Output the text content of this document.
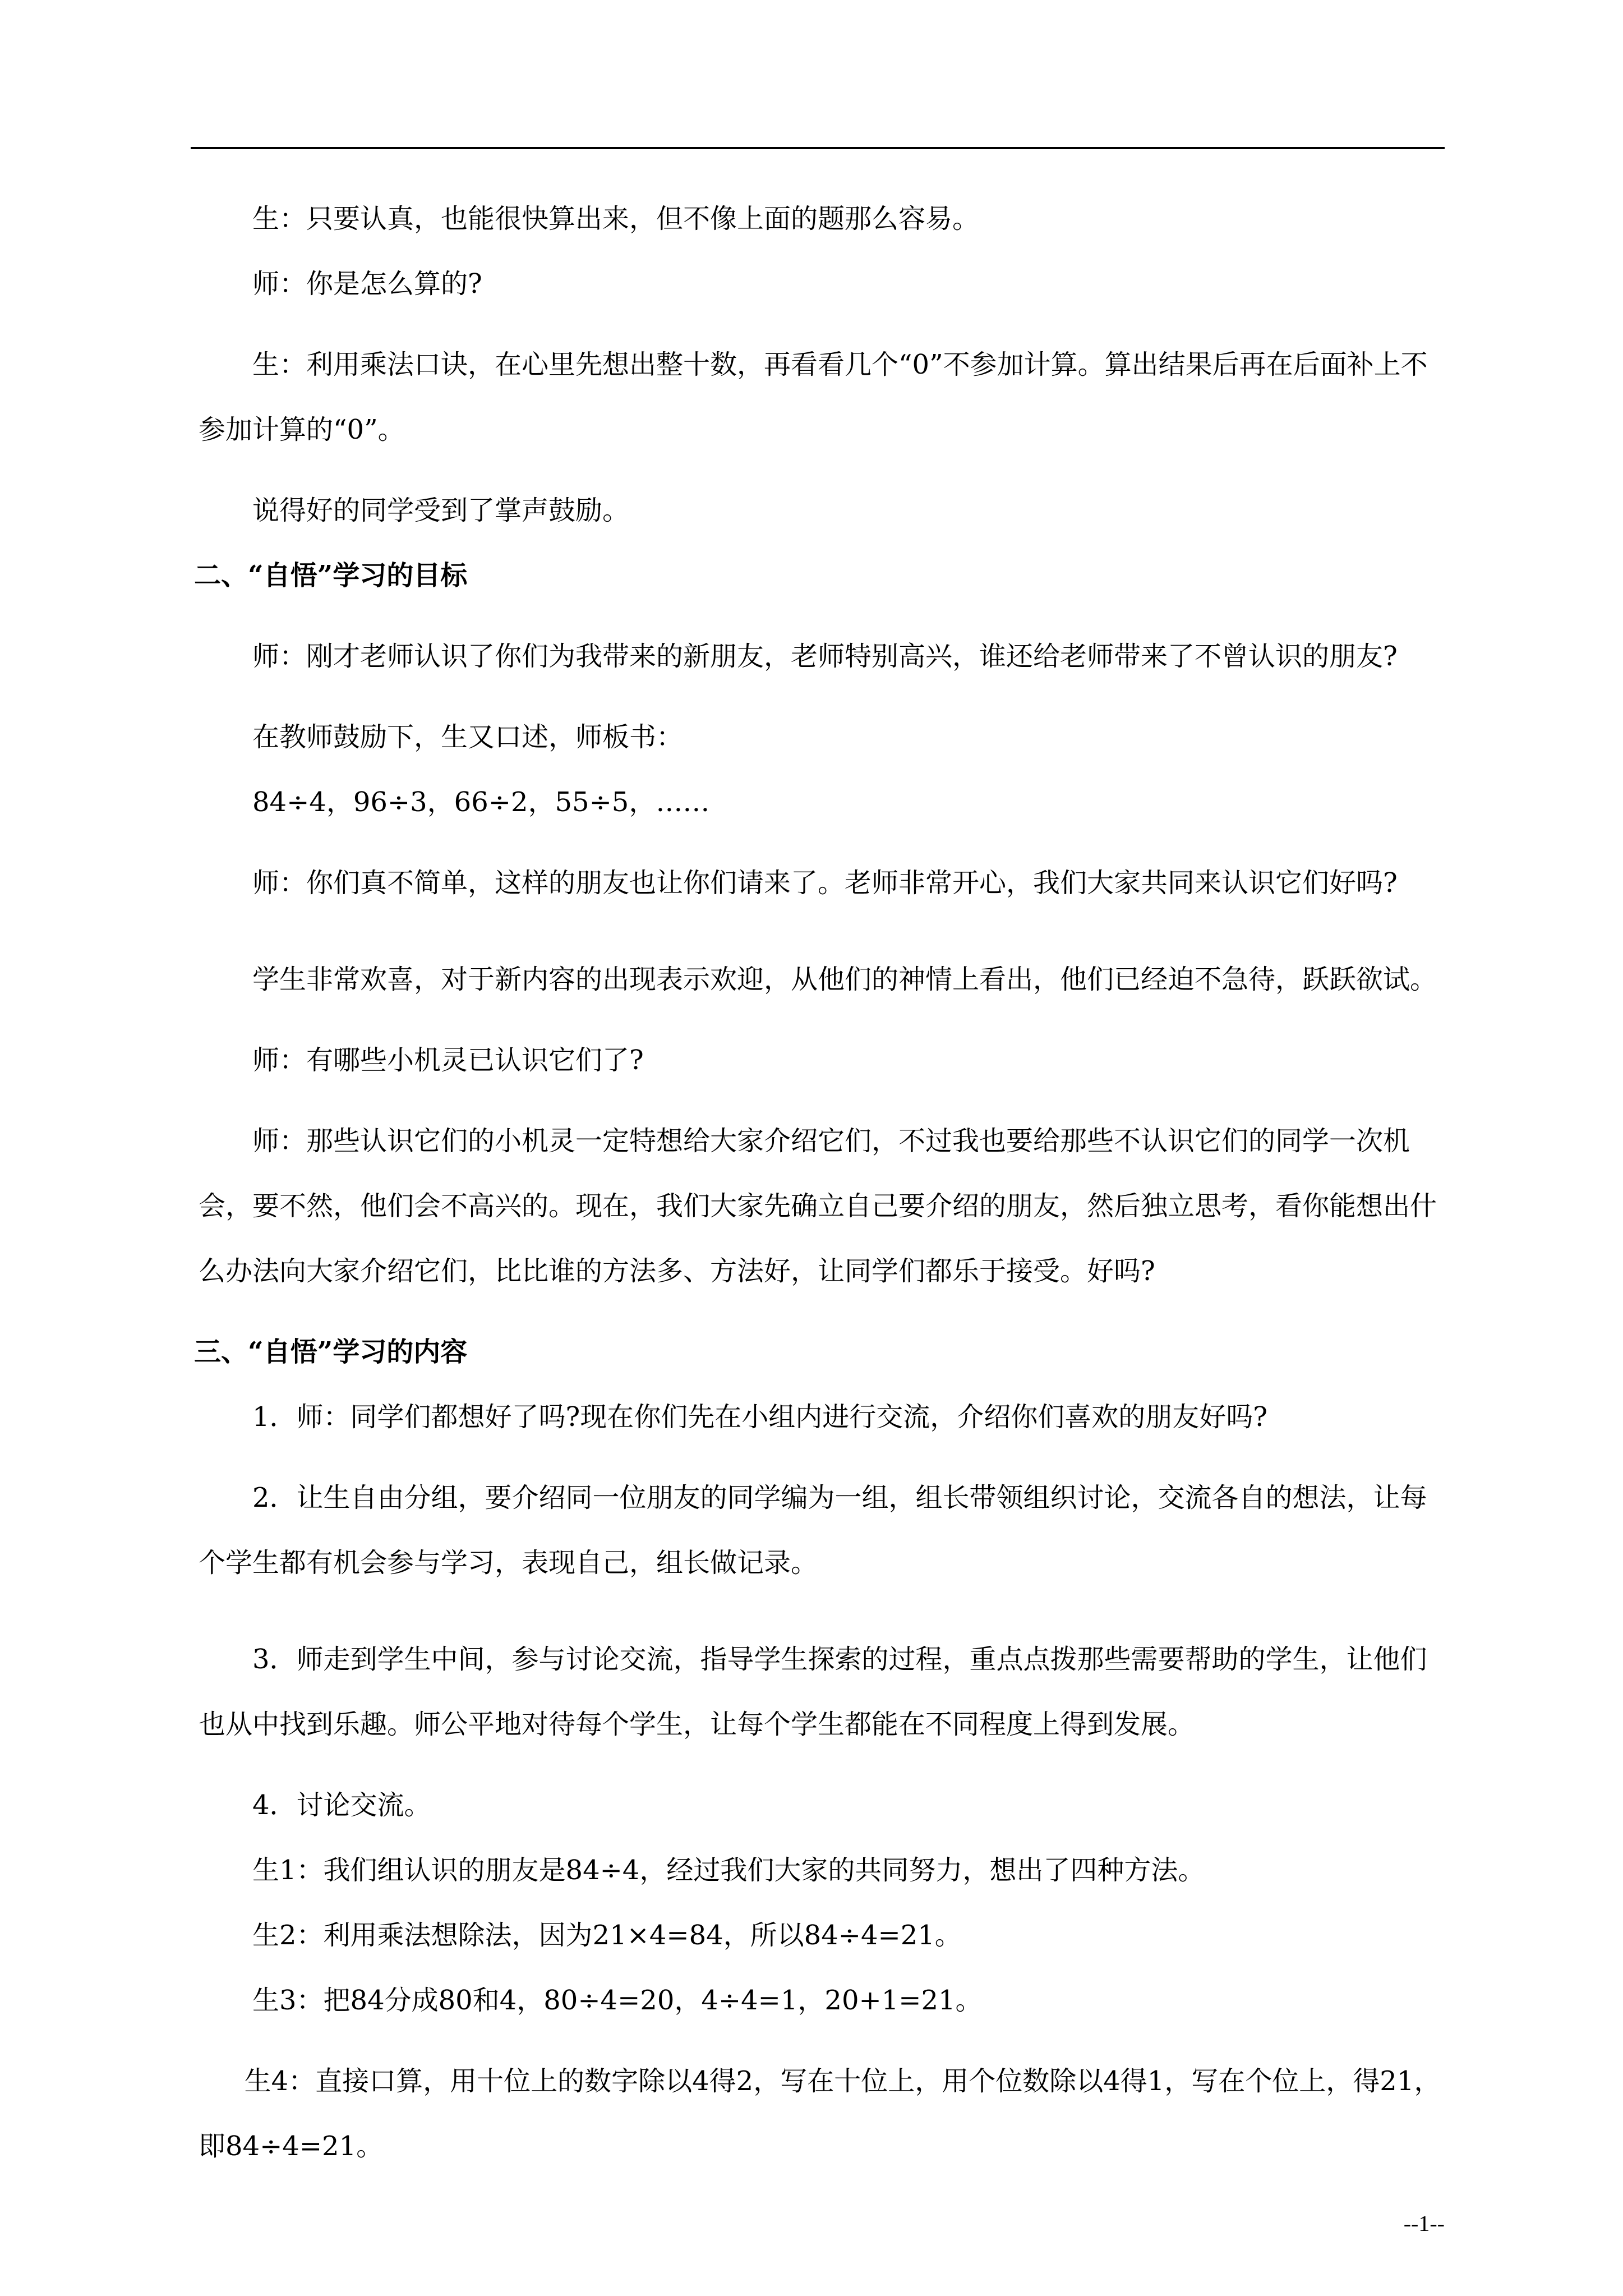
生：只要认真，也能很快算出来，但不像上面的题那么容易。

师：你是怎么算的?

生：利用乘法口诀，在心里先想出整十数，再看看几个“0”不参加计算。算出结果后再在后面补上不参加计算的“0”。

说得好的同学受到了掌声鼓励。

二、“自悟”学习的目标

师：刚才老师认识了你们为我带来的新朋友，老师特别高兴，谁还给老师带来了不曾认识的朋友?

在教师鼓励下，生又口述，师板书：

84÷4，96÷3，66÷2，55÷5，……

师：你们真不简单，这样的朋友也让你们请来了。老师非常开心，我们大家共同来认识它们好吗?

学生非常欢喜，对于新内容的出现表示欢迎，从他们的神情上看出，他们已经迫不急待，跃跃欲试。

师：有哪些小机灵已认识它们了?

师：那些认识它们的小机灵一定特想给大家介绍它们，不过我也要给那些不认识它们的同学一次机会，要不然，他们会不高兴的。现在，我们大家先确立自己要介绍的朋友，然后独立思考，看你能想出什么办法向大家介绍它们，比比谁的方法多、方法好，让同学们都乐于接受。好吗?

三、“自悟”学习的内容

1．师：同学们都想好了吗?现在你们先在小组内进行交流，介绍你们喜欢的朋友好吗?

2．让生自由分组，要介绍同一位朋友的同学编为一组，组长带领组织讨论，交流各自的想法，让每个学生都有机会参与学习，表现自己，组长做记录。

3．师走到学生中间，参与讨论交流，指导学生探索的过程，重点点拨那些需要帮助的学生，让他们也从中找到乐趣。师公平地对待每个学生，让每个学生都能在不同程度上得到发展。

4．讨论交流。

生1：我们组认识的朋友是84÷4，经过我们大家的共同努力，想出了四种方法。

生2：利用乘法想除法，因为21×4=84，所以84÷4=21。

生3：把84分成80和4，80÷4=20，4÷4=1，20+1=21。

生4：直接口算，用十位上的数字除以4得2，写在十位上，用个位数除以4得1，写在个位上，得21，即84÷4=21。

--1--
